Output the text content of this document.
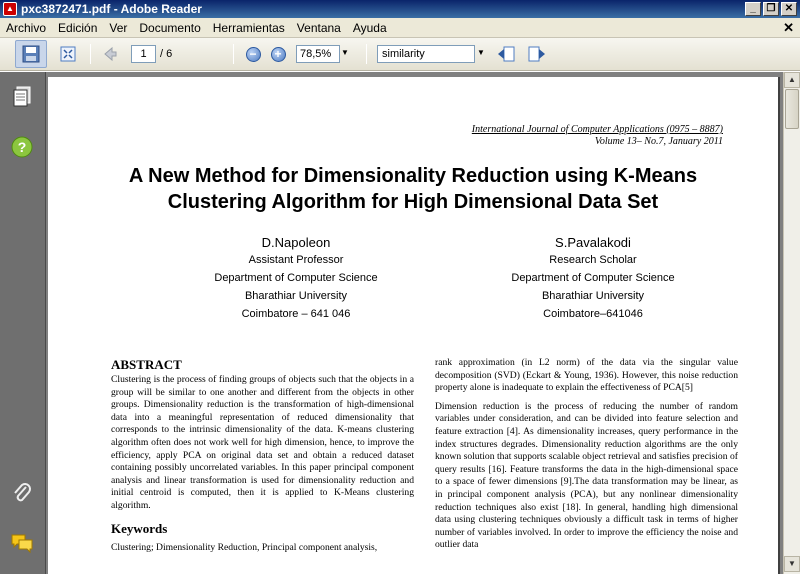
▲ pxc3872471.pdf - Adobe Reader	_	❐ ✕
Archivo	Edición	Ver	Documento	Herramientas	Ventana	Ayuda	✕
1	/ 6	−	+	78,5%	▼	similarity	▼
?
International Journal of Computer Applications (0975 – 8887)
Volume 13– No.7, January 2011
A New Method for Dimensionality Reduction using K-Means Clustering Algorithm for High Dimensional Data Set
D.Napoleon
Assistant Professor
Department of Computer Science
Bharathiar University
Coimbatore – 641 046
S.Pavalakodi
Research Scholar
Department of Computer Science
Bharathiar University
Coimbatore–641046
ABSTRACT
Clustering is the process of finding groups of objects such that the objects in a group will be similar to one another and different from the objects in other groups. Dimensionality reduction is the transformation of high-dimensional data into a meaningful representation of reduced dimensionality that corresponds to the intrinsic dimensionality of the data. K-means clustering algorithm often does not work well for high dimension, hence, to improve the efficiency, apply PCA on original data set and obtain a reduced dataset containing possibly uncorrelated variables. In this paper principal component analysis and linear transformation is used for dimensionality reduction and initial centroid is computed, then it is applied to K-Means clustering algorithm.
Keywords
Clustering; Dimensionality Reduction, Principal component analysis,
rank approximation (in L2 norm) of the data via the singular value decomposition (SVD) (Eckart & Young, 1936). However, this noise reduction property alone is inadequate to explain the effectiveness of PCA[5]
Dimension reduction is the process of reducing the number of random variables under consideration, and can be divided into feature selection and feature extraction [4]. As dimensionality increases, query performance in the index structures degrades. Dimensionality reduction algorithms are the only known solution that supports scalable object retrieval and satisfies precision of query results [16]. Feature transforms the data in the high-dimensional space to a space of fewer dimensions [9].The data transformation may be linear, as in principal component analysis (PCA), but any nonlinear dimensionality reduction techniques also exist [18]. In general, handling high dimensional data using clustering techniques obviously a difficult task in terms of higher number of variables involved. In order to improve the efficiency the noise and outlier data
▲
▼
